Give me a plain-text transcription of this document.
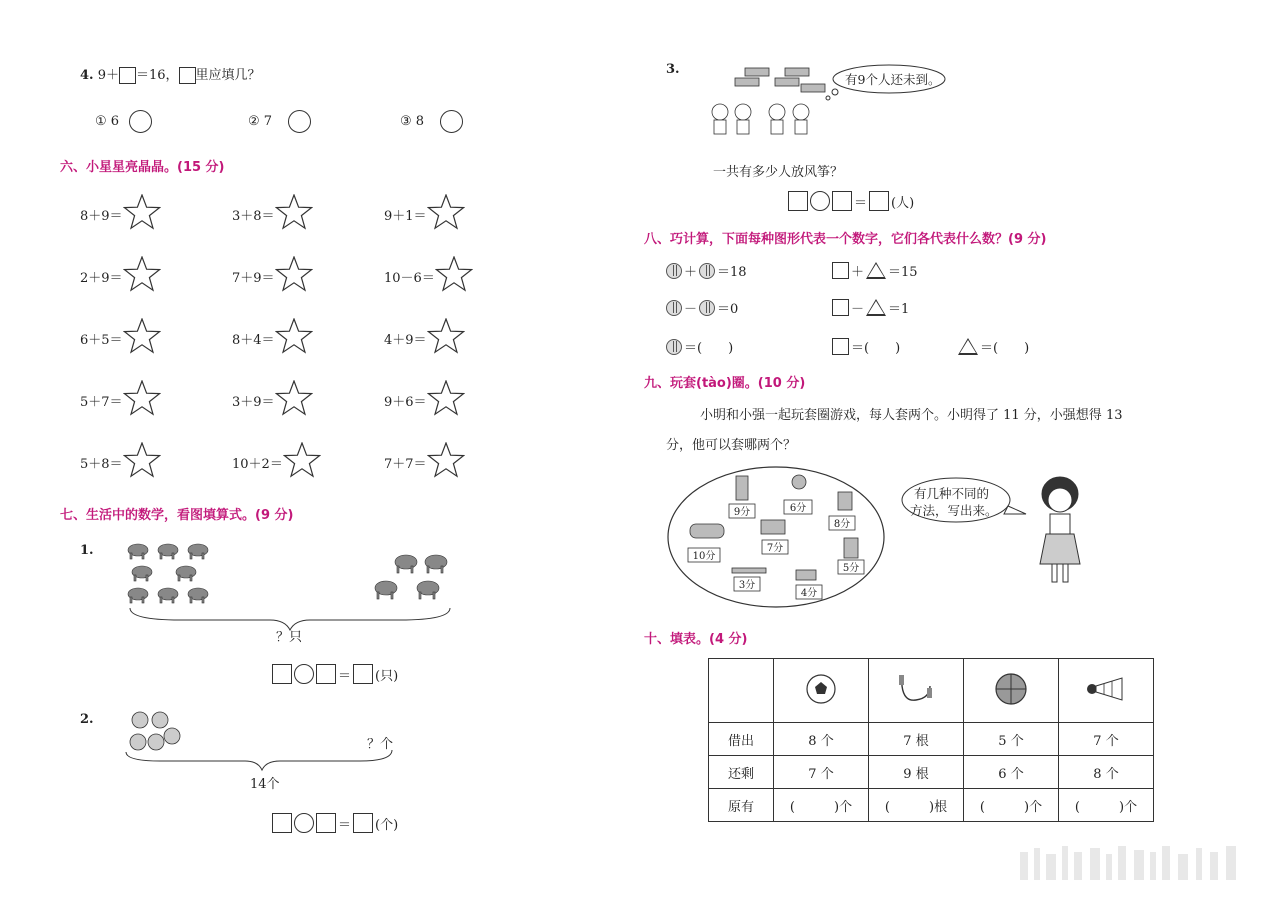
4. 9＋ ＝16， 里应填几？
① 6	② 7	③ 8
六、小星星亮晶晶。(15 分)
8＋9＝	3＋8＝	9＋1＝
2＋9＝	7＋9＝	10－6＝
6＋5＝	8＋4＝	4＋9＝
5＋7＝	3＋9＝	9＋6＝
5＋8＝	10＋2＝	7＋7＝
七、生活中的数学，看图填算式。(9 分)
1.
？只
＝ (只)
2.
？个
14个
＝ (个)
3.
有9个人还未到。
一共有多少人放风筝？
＝ (人)
八、巧计算，下面每种图形代表一个数字，它们各代表什么数？(9 分)
＋ ＝18	＋ ＝15
－ ＝0	－ ＝1
＝(　　)	＝(　　)	＝(　　)
九、玩套(tào)圈。(10 分)
小明和小强一起玩套圈游戏，每人套两个。小明得了 11 分，小强想得 13
分，他可以套哪两个？
9分	6分
8分
7分
10分
5分
3分
4分
有几种不同的
方法，写出来。
十、填表。(4 分)

借出	8 个	7 根	5 个	7 个
还剩	7 个	9 根	6 个	8 个
原有	(　　　)个	(　　　)根	(　　　)个	(　　　)个
